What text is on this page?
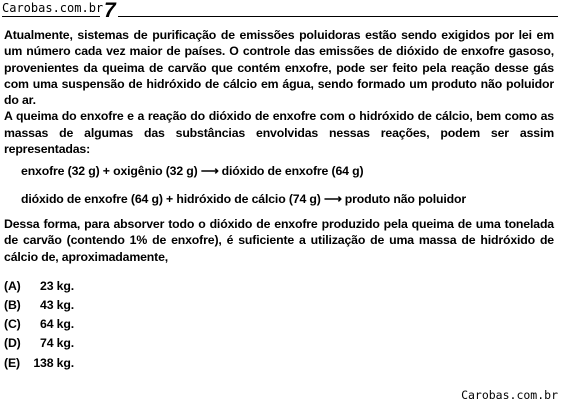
Carobas.com.br 7

Atualmente, sistemas de purificação de emissões poluidoras estão sendo exigidos por lei em um número cada vez maior de países. O controle das emissões de dióxido de enxofre gasoso, provenientes da queima de carvão que contém enxofre, pode ser feito pela reação desse gás com uma suspensão de hidróxido de cálcio em água, sendo formado um produto não poluidor do ar.

A queima do enxofre e a reação do dióxido de enxofre com o hidróxido de cálcio, bem como as massas de algumas das substâncias envolvidas nessas reações, podem ser assim representadas:

enxofre (32 g) + oxigênio (32 g) ⟶ dióxido de enxofre (64 g)
dióxido de enxofre (64 g) + hidróxido de cálcio (74 g) ⟶ produto não poluidor

Dessa forma, para absorver todo o dióxido de enxofre produzido pela queima de uma tonelada de carvão (contendo 1% de enxofre), é suficiente a utilização de uma massa de hidróxido de cálcio de, aproximadamente,

(A)	23 kg.
(B)	43 kg.
(C)	64 kg.
(D)	74 kg.
(E)	138 kg.
Carobas.com.br
